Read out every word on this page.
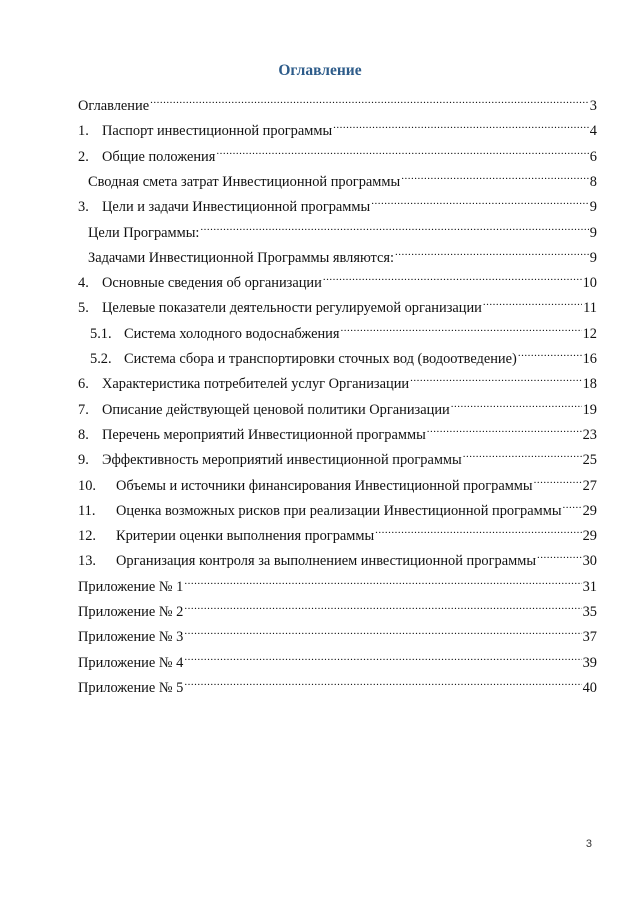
Оглавление
Оглавление .....	3
1. Паспорт инвестиционной программы .....	4
2. Общие положения .....	6
Сводная смета затрат Инвестиционной программы .....	8
3. Цели и задачи Инвестиционной программы .....	9
Цели Программы: .....	9
Задачами Инвестиционной Программы являются: .....	9
4. Основные сведения об организации .....	10
5. Целевые показатели деятельности регулируемой организации .....	11
5.1. Система холодного водоснабжения .....	12
5.2. Система сбора и транспортировки сточных вод (водоотведение) .....	16
6. Характеристика потребителей услуг Организации .....	18
7. Описание действующей ценовой политики Организации .....	19
8. Перечень мероприятий Инвестиционной программы .....	23
9. Эффективность мероприятий инвестиционной программы .....	25
10.	Объемы и источники финансирования Инвестиционной программы .....	27
11.	Оценка возможных рисков при реализации Инвестиционной программы ..... 29
12.	Критерии оценки выполнения программы .....	29
13.	Организация контроля за выполнением инвестиционной программы .....	30
Приложение № 1 .....	31
Приложение № 2 .....	35
Приложение № 3 .....	37
Приложение № 4 .....	39
Приложение № 5 .....	40
3
